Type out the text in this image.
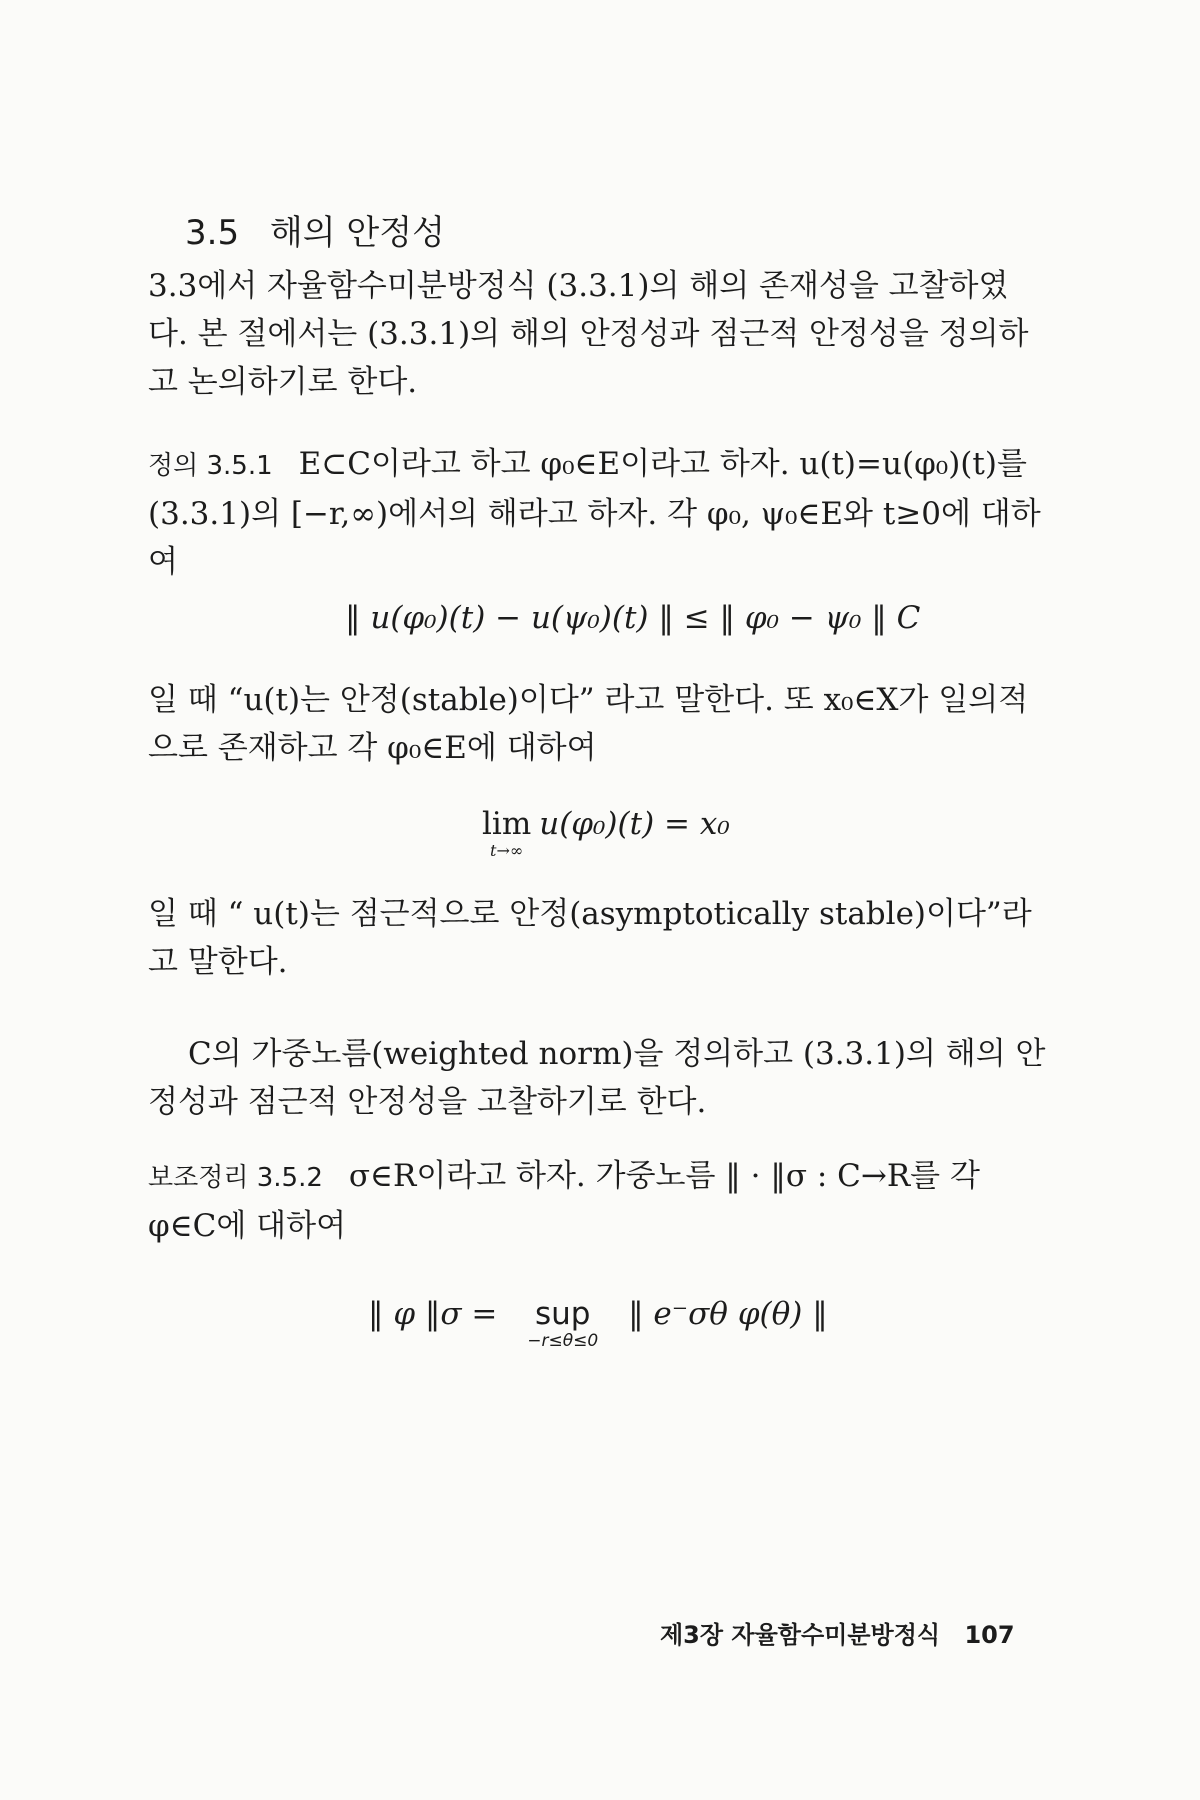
3.5 해의 안정성

3.3에서 자율함수미분방정식 (3.3.1)의 해의 존재성을 고찰하였다. 본 절에서는 (3.3.1)의 해의 안정성과 점근적 안정성을 정의하고 논의하기로 한다.

정의 3.5.1 E⊂C이라고 하고 φ₀∈E이라고 하자. u(t)=u(φ₀)(t)를 (3.3.1)의 [−r,∞)에서의 해라고 하자. 각 φ₀, ψ₀∈E와 t≥0에 대하여

‖ u(φ₀)(t) − u(ψ₀)(t) ‖ ≤ ‖ φ₀ − ψ₀ ‖ C

일 때 “u(t)는 안정(stable)이다” 라고 말한다. 또 x₀∈X가 일의적으로 존재하고 각 φ₀∈E에 대하여

lim
t→∞
u(φ₀)(t) = x₀

일 때 “ u(t)는 점근적으로 안정(asymptotically stable)이다”라고 말한다.

C의 가중노름(weighted norm)을 정의하고 (3.3.1)의 해의 안정성과 점근적 안정성을 고찰하기로 한다.

보조정리 3.5.2 σ∈R이라고 하자. 가중노름 ‖ · ‖σ : C→R를 각 φ∈C에 대하여

‖ φ ‖σ = sup
−r≤θ≤0
‖ e⁻σθ φ(θ) ‖
제3장 자율함수미분방정식 107
